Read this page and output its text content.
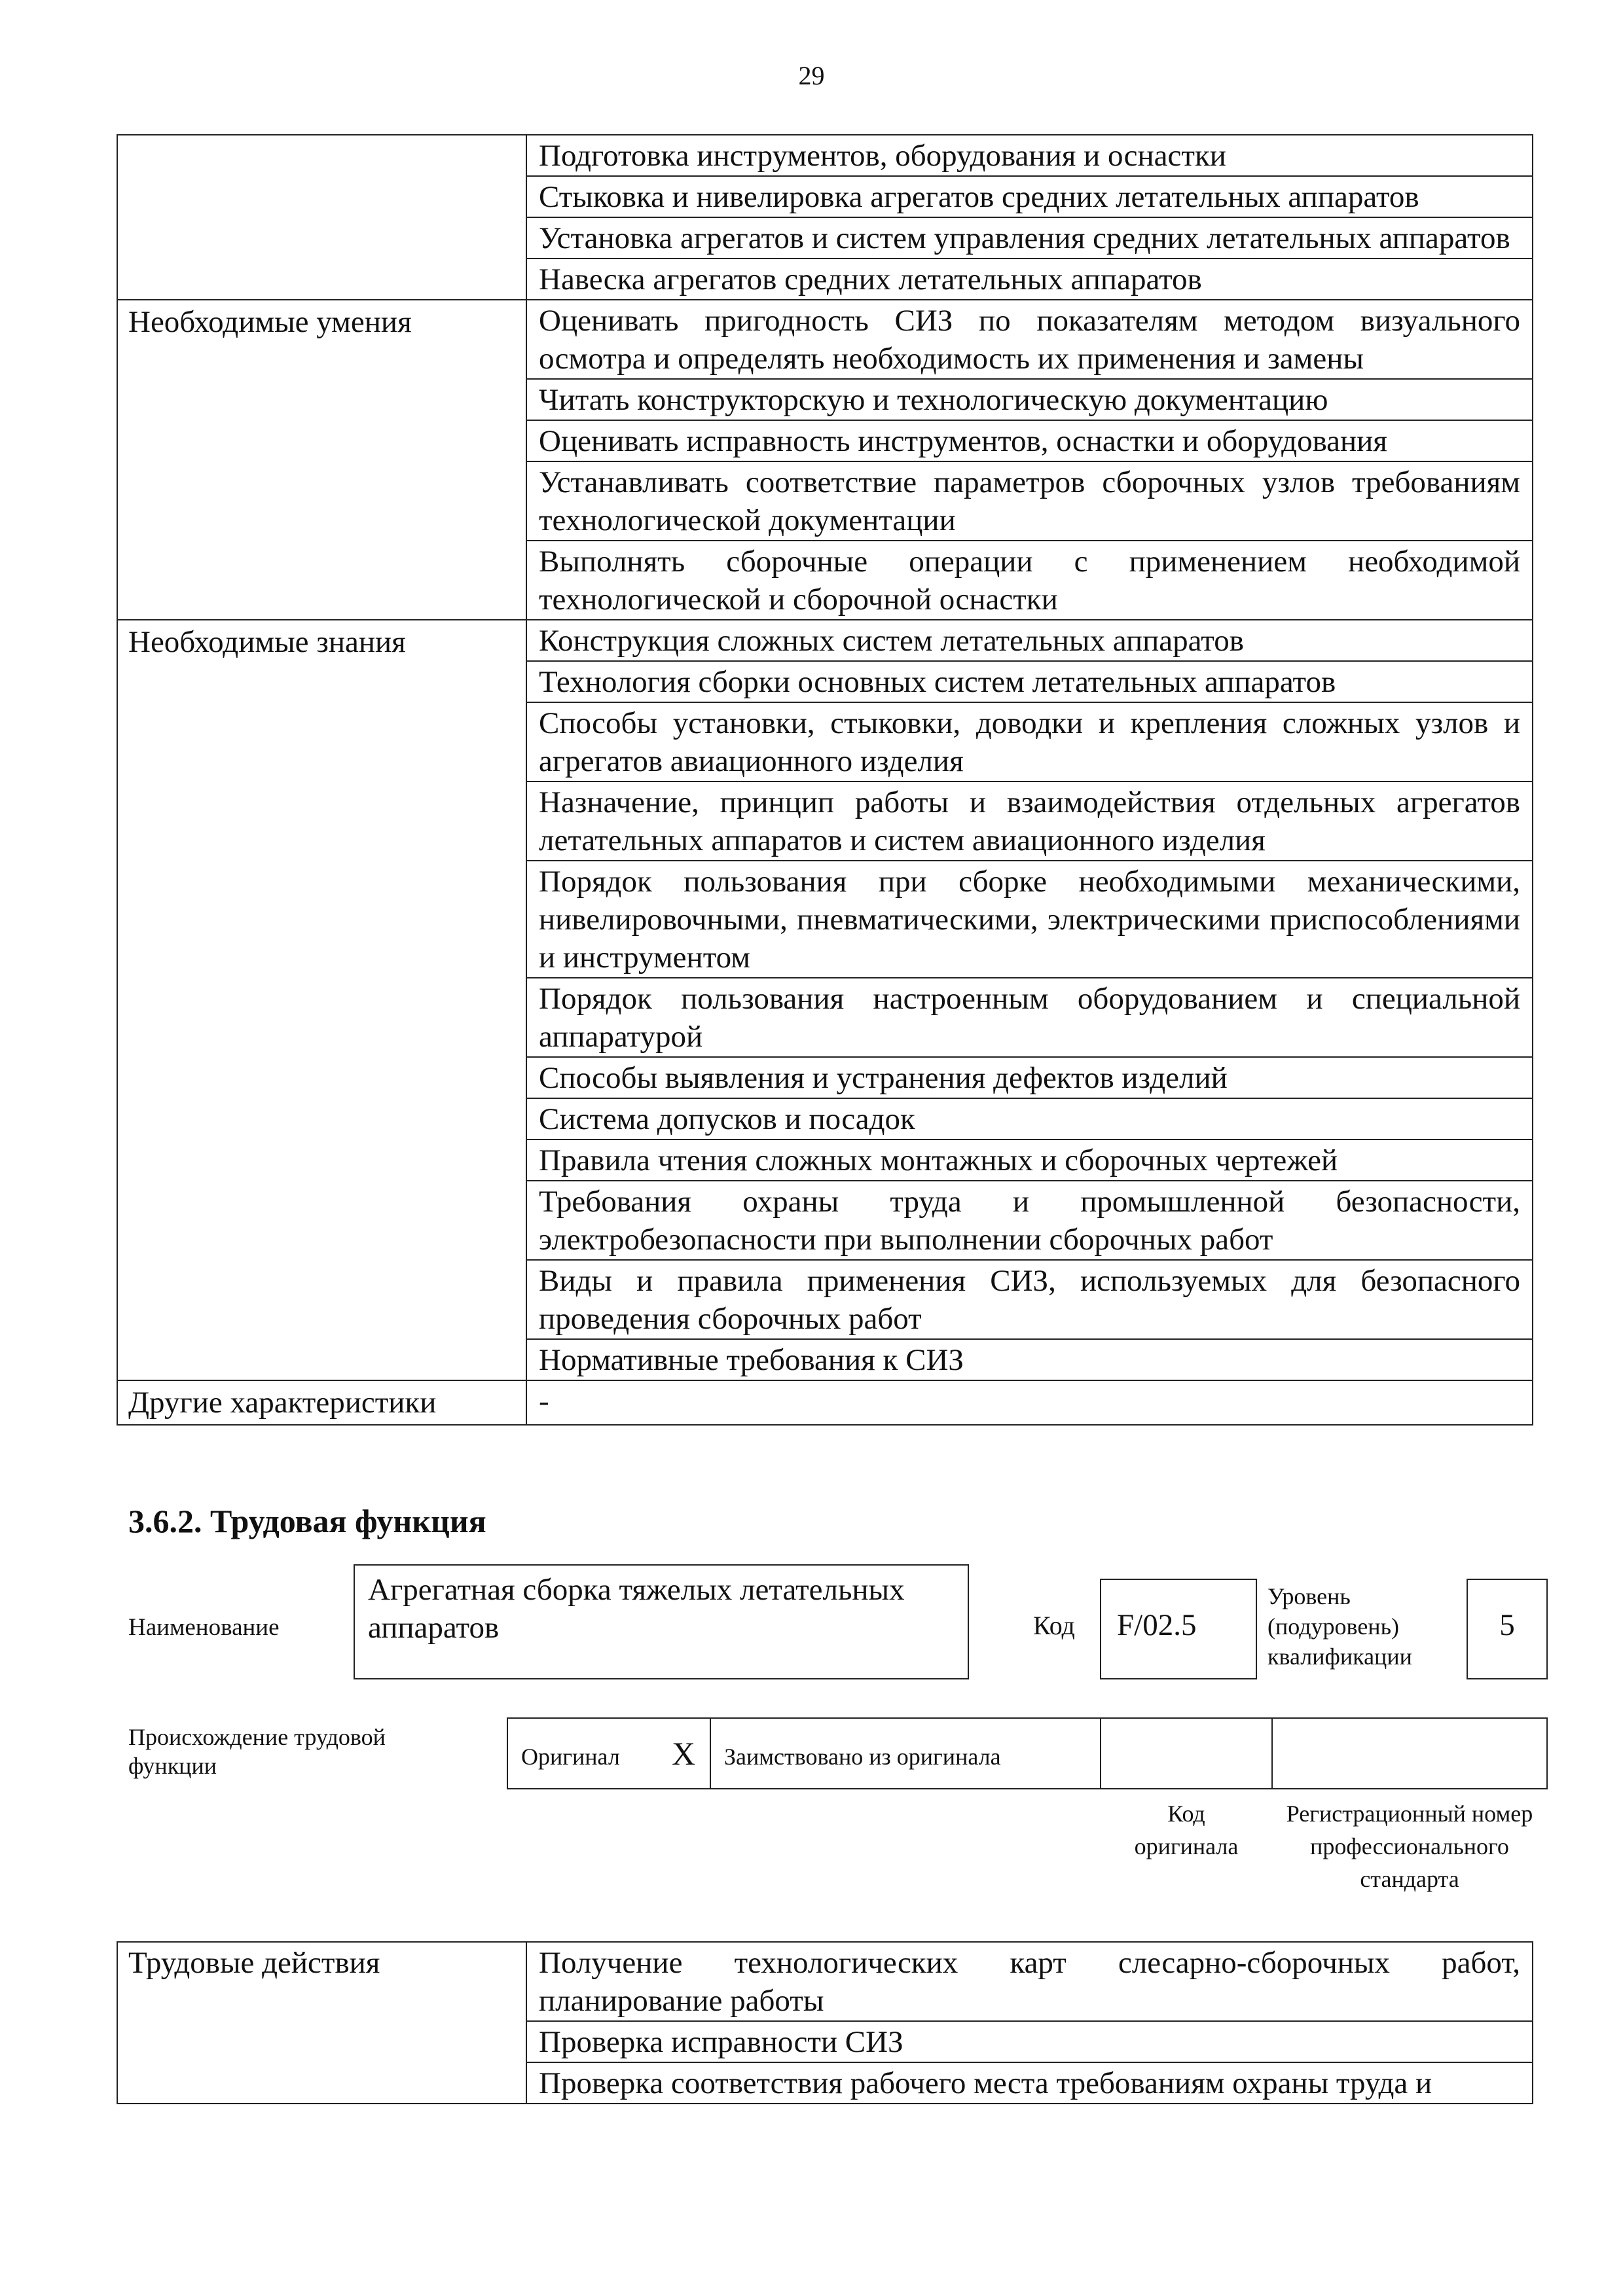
29
	Подготовка инструментов, оборудования и оснастки
	Стыковка и нивелировка агрегатов средних летательных аппаратов
	Установка агрегатов и систем управления средних летательных аппаратов
	Навеска агрегатов средних летательных аппаратов
Необходимые умения	Оценивать пригодность СИЗ по показателям методом визуального осмотра и определять необходимость их применения и замены
	Читать конструкторскую и технологическую документацию
	Оценивать исправность инструментов, оснастки и оборудования
	Устанавливать соответствие параметров сборочных узлов требованиям технологической документации
	Выполнять сборочные операции с применением необходимой технологической и сборочной оснастки
Необходимые знания	Конструкция сложных систем летательных аппаратов
	Технология сборки основных систем летательных аппаратов
	Способы установки, стыковки, доводки и крепления сложных узлов и агрегатов авиационного изделия
	Назначение, принцип работы и взаимодействия отдельных агрегатов летательных аппаратов и систем авиационного изделия
	Порядок пользования при сборке необходимыми механическими, нивелировочными, пневматическими, электрическими приспособлениями и инструментом
	Порядок пользования настроенным оборудованием и специальной аппаратурой
	Способы выявления и устранения дефектов изделий
	Система допусков и посадок
	Правила чтения сложных монтажных и сборочных чертежей
	Требования охраны труда и промышленной безопасности, электробезопасности при выполнении сборочных работ
	Виды и правила применения СИЗ, используемых для безопасного проведения сборочных работ
	Нормативные требования к СИЗ
Другие характеристики	-
3.6.2. Трудовая функция
Наименование
Агрегатная сборка тяжелых летательных аппаратов	Код	F/02.5
Уровень (подуровень) квалификации
5
Происхождение трудовой функции	Оригинал X Заимствовано из оригинала
Код оригинала
Регистрационный номер профессионального стандарта
Трудовые действия	Получение технологических карт слесарно-сборочных работ, планирование работы
Проверка исправности СИЗ
Проверка соответствия рабочего места требованиям охраны труда и
